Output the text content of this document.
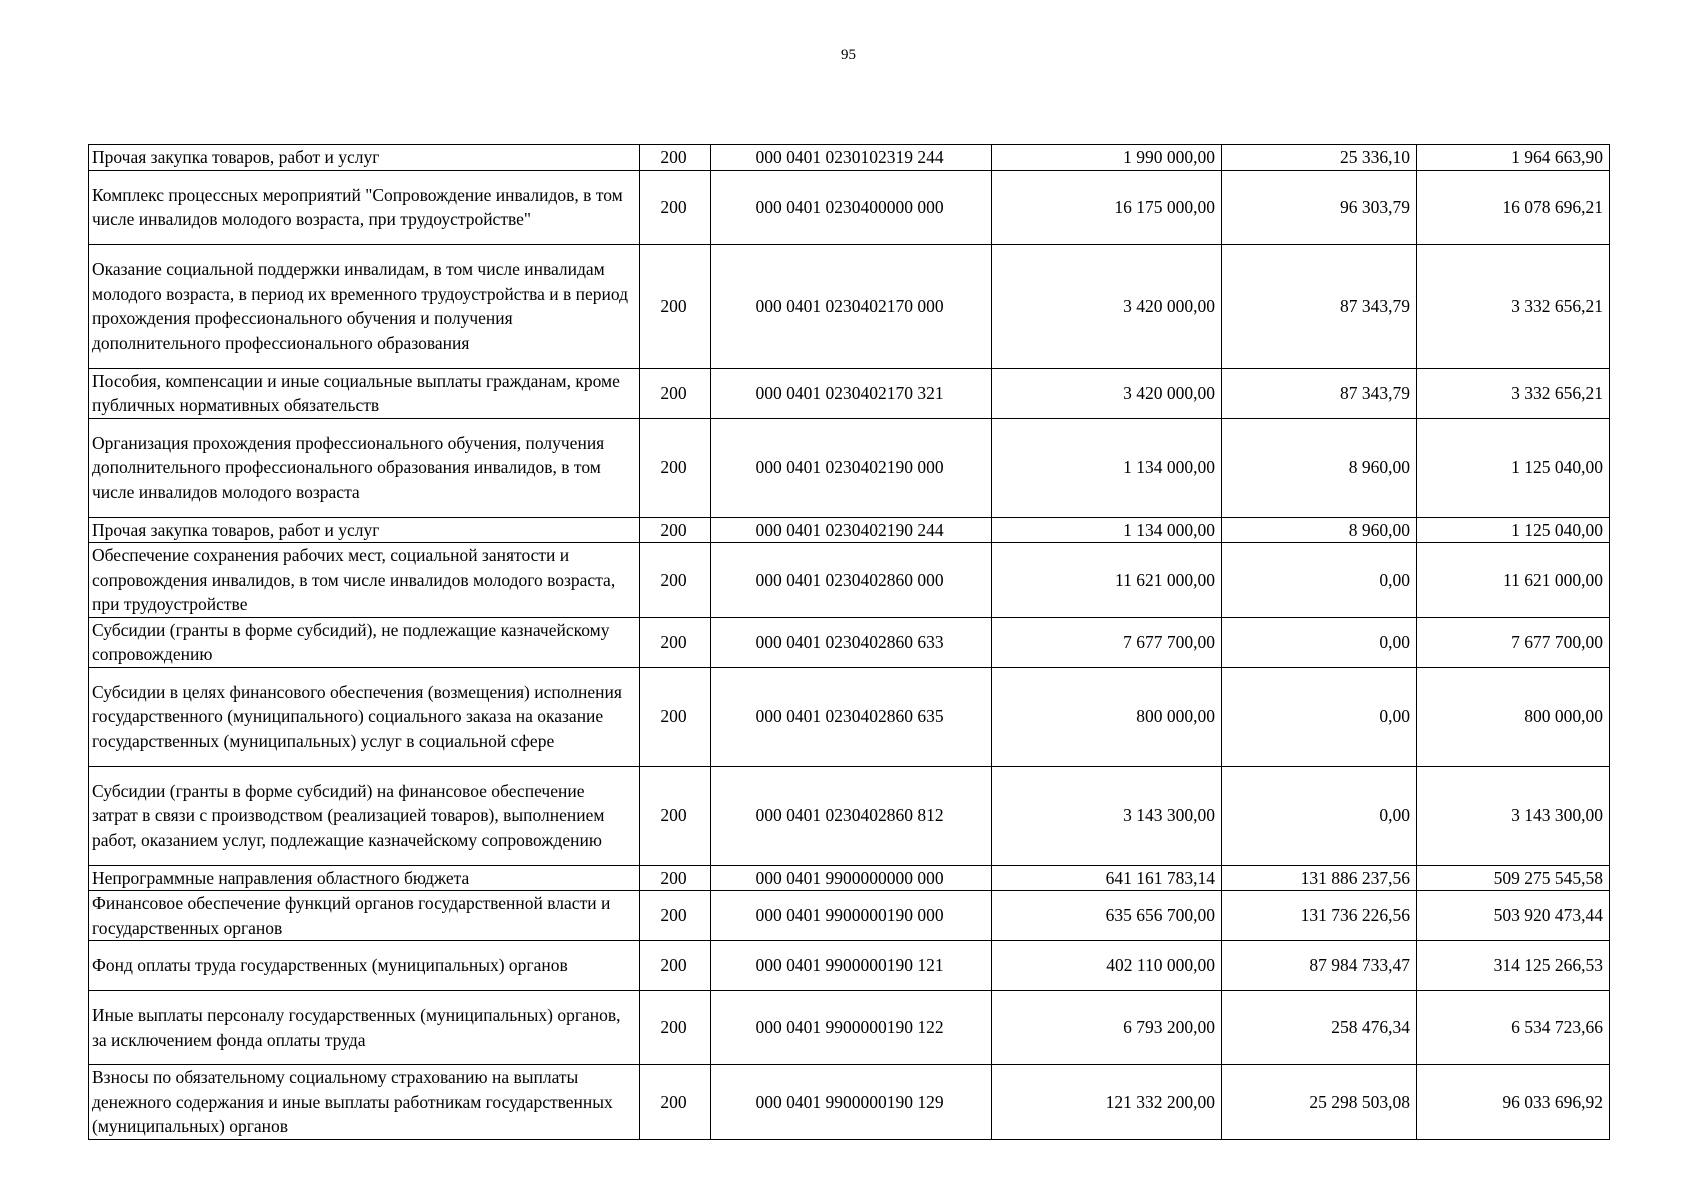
95
Прочая закупка товаров, работ и услуг	200	000 0401 0230102319 244	1 990 000,00	25 336,10	1 964 663,90
Комплекс процессных мероприятий "Сопровождение инвалидов, в том числе инвалидов молодого возраста, при трудоустройстве"	200	000 0401 0230400000 000	16 175 000,00	96 303,79	16 078 696,21
Оказание социальной поддержки инвалидам, в том числе инвалидам молодого возраста, в период их временного трудоустройства и в период прохождения профессионального обучения и получения дополнительного профессионального образования	200	000 0401 0230402170 000	3 420 000,00	87 343,79	3 332 656,21
Пособия, компенсации и иные социальные выплаты гражданам, кроме публичных нормативных обязательств	200	000 0401 0230402170 321	3 420 000,00	87 343,79	3 332 656,21
Организация прохождения профессионального обучения, получения дополнительного профессионального образования инвалидов, в том числе инвалидов молодого возраста	200	000 0401 0230402190 000	1 134 000,00	8 960,00	1 125 040,00
Прочая закупка товаров, работ и услуг	200	000 0401 0230402190 244	1 134 000,00	8 960,00	1 125 040,00
Обеспечение сохранения рабочих мест, социальной занятости и сопровождения инвалидов, в том числе инвалидов молодого возраста, при трудоустройстве	200	000 0401 0230402860 000	11 621 000,00	0,00	11 621 000,00
Субсидии (гранты в форме субсидий), не подлежащие казначейскому сопровождению	200	000 0401 0230402860 633	7 677 700,00	0,00	7 677 700,00
Субсидии в целях финансового обеспечения (возмещения) исполнения государственного (муниципального) социального заказа на оказание государственных (муниципальных) услуг в социальной сфере	200	000 0401 0230402860 635	800 000,00	0,00	800 000,00
Субсидии (гранты в форме субсидий) на финансовое обеспечение затрат в связи с производством (реализацией товаров), выполнением работ, оказанием услуг, подлежащие казначейскому сопровождению	200	000 0401 0230402860 812	3 143 300,00	0,00	3 143 300,00
Непрограммные направления областного бюджета	200	000 0401 9900000000 000	641 161 783,14	131 886 237,56	509 275 545,58
Финансовое обеспечение функций органов государственной власти и государственных органов	200	000 0401 9900000190 000	635 656 700,00	131 736 226,56	503 920 473,44
Фонд оплаты труда государственных (муниципальных) органов	200	000 0401 9900000190 121	402 110 000,00	87 984 733,47	314 125 266,53
Иные выплаты персоналу государственных (муниципальных) органов, за исключением фонда оплаты труда	200	000 0401 9900000190 122	6 793 200,00	258 476,34	6 534 723,66
Взносы по обязательному социальному страхованию на выплаты денежного содержания и иные выплаты работникам государственных (муниципальных) органов	200	000 0401 9900000190 129	121 332 200,00	25 298 503,08	96 033 696,92
